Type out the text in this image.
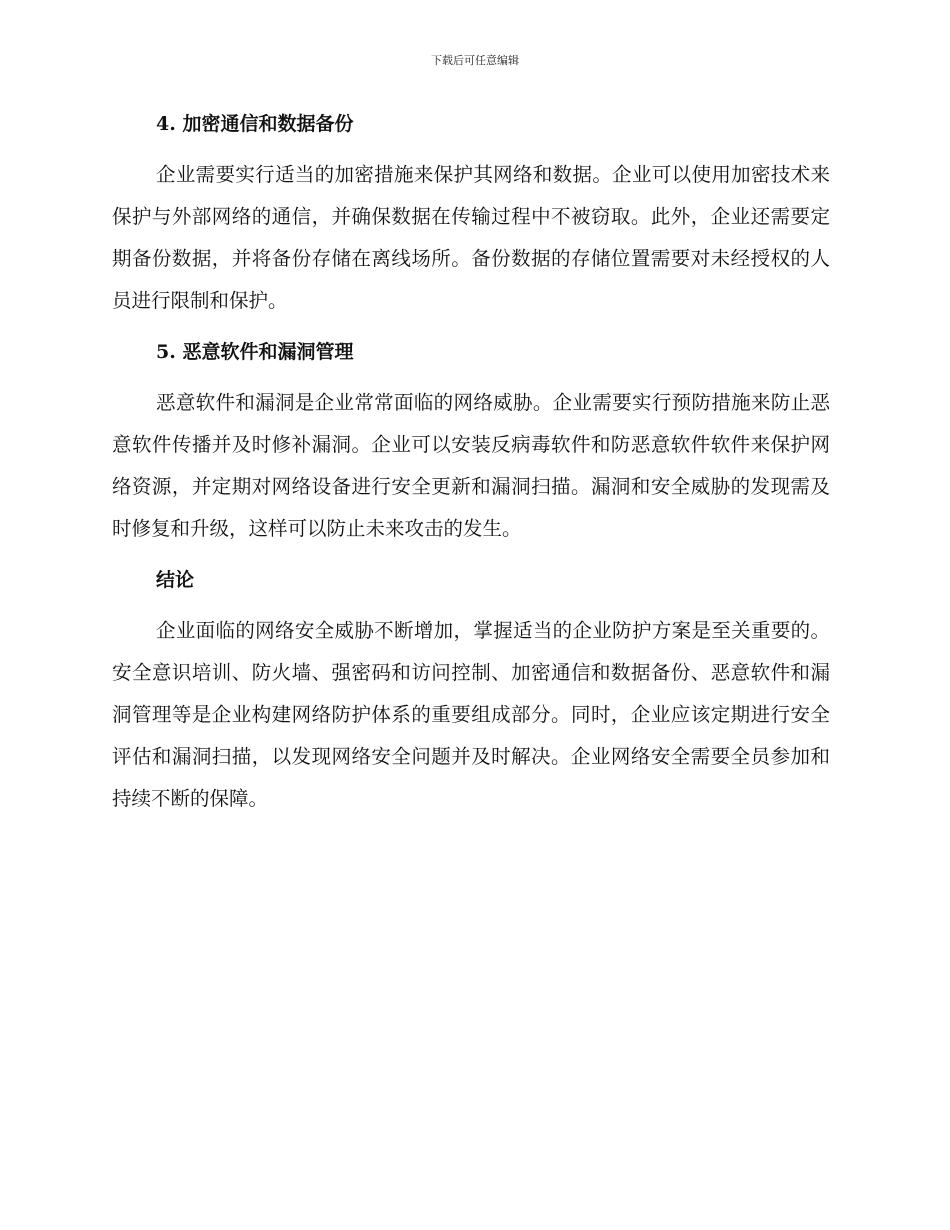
下载后可任意编辑
4. 加密通信和数据备份

企业需要实行适当的加密措施来保护其网络和数据。企业可以使用加密技术来保护与外部网络的通信，并确保数据在传输过程中不被窃取。此外，企业还需要定期备份数据，并将备份存储在离线场所。备份数据的存储位置需要对未经授权的人员进行限制和保护。

5. 恶意软件和漏洞管理

恶意软件和漏洞是企业常常面临的网络威胁。企业需要实行预防措施来防止恶意软件传播并及时修补漏洞。企业可以安装反病毒软件和防恶意软件软件来保护网络资源，并定期对网络设备进行安全更新和漏洞扫描。漏洞和安全威胁的发现需及时修复和升级，这样可以防止未来攻击的发生。

结论

企业面临的网络安全威胁不断增加，掌握适当的企业防护方案是至关重要的。安全意识培训、防火墙、强密码和访问控制、加密通信和数据备份、恶意软件和漏洞管理等是企业构建网络防护体系的重要组成部分。同时，企业应该定期进行安全评估和漏洞扫描，以发现网络安全问题并及时解决。企业网络安全需要全员参加和持续不断的保障。
